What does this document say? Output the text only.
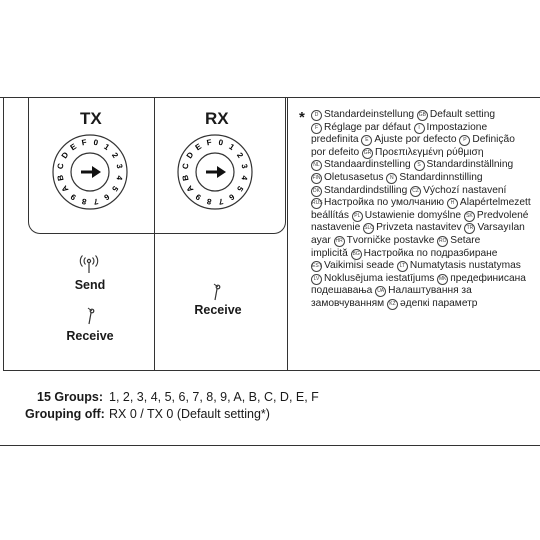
TX
0 1
2
3
4
5
6
7
8
9
A
B
C
D
E F
RX
0 1
2
3
4
5
6
7
8
9
A
B
C
D
E F
Send
Receive
Receive
*	D Standardeinstellung GB Default setting
F Réglage par défaut I Impostazione
predefinita E Ajuste por defecto P Definição
por defeito GR Προεπιλεγμένη ρύθμιση
NL Standaardinstelling S Standardinställning
FIN Oletusasetus N Standardinnstilling
DK Standardindstilling CZ Výchozí nastavení
RUSНастройка по умолчанию H Alapértelmezett
beállítás PL Ustawienie domyślne SK Predvolené
nastavenie SLO Privzeta nastavitev TR Varsayılan
ayar HR Tvorničke postavke RO Setare
implicită BG Настройка по подразбиране
EST Vaikimisi seade LT Numatytasis nustatymas
LV Noklusējuma iestatījums MK предефинисана
подешавања UA Налаштування за
замовчуванням KZ әдепкі параметр
15 Groups: 1, 2, 3, 4, 5, 6, 7, 8, 9, A, B, C, D, E, F
Grouping off: RX 0 / TX 0 (Default setting*)
